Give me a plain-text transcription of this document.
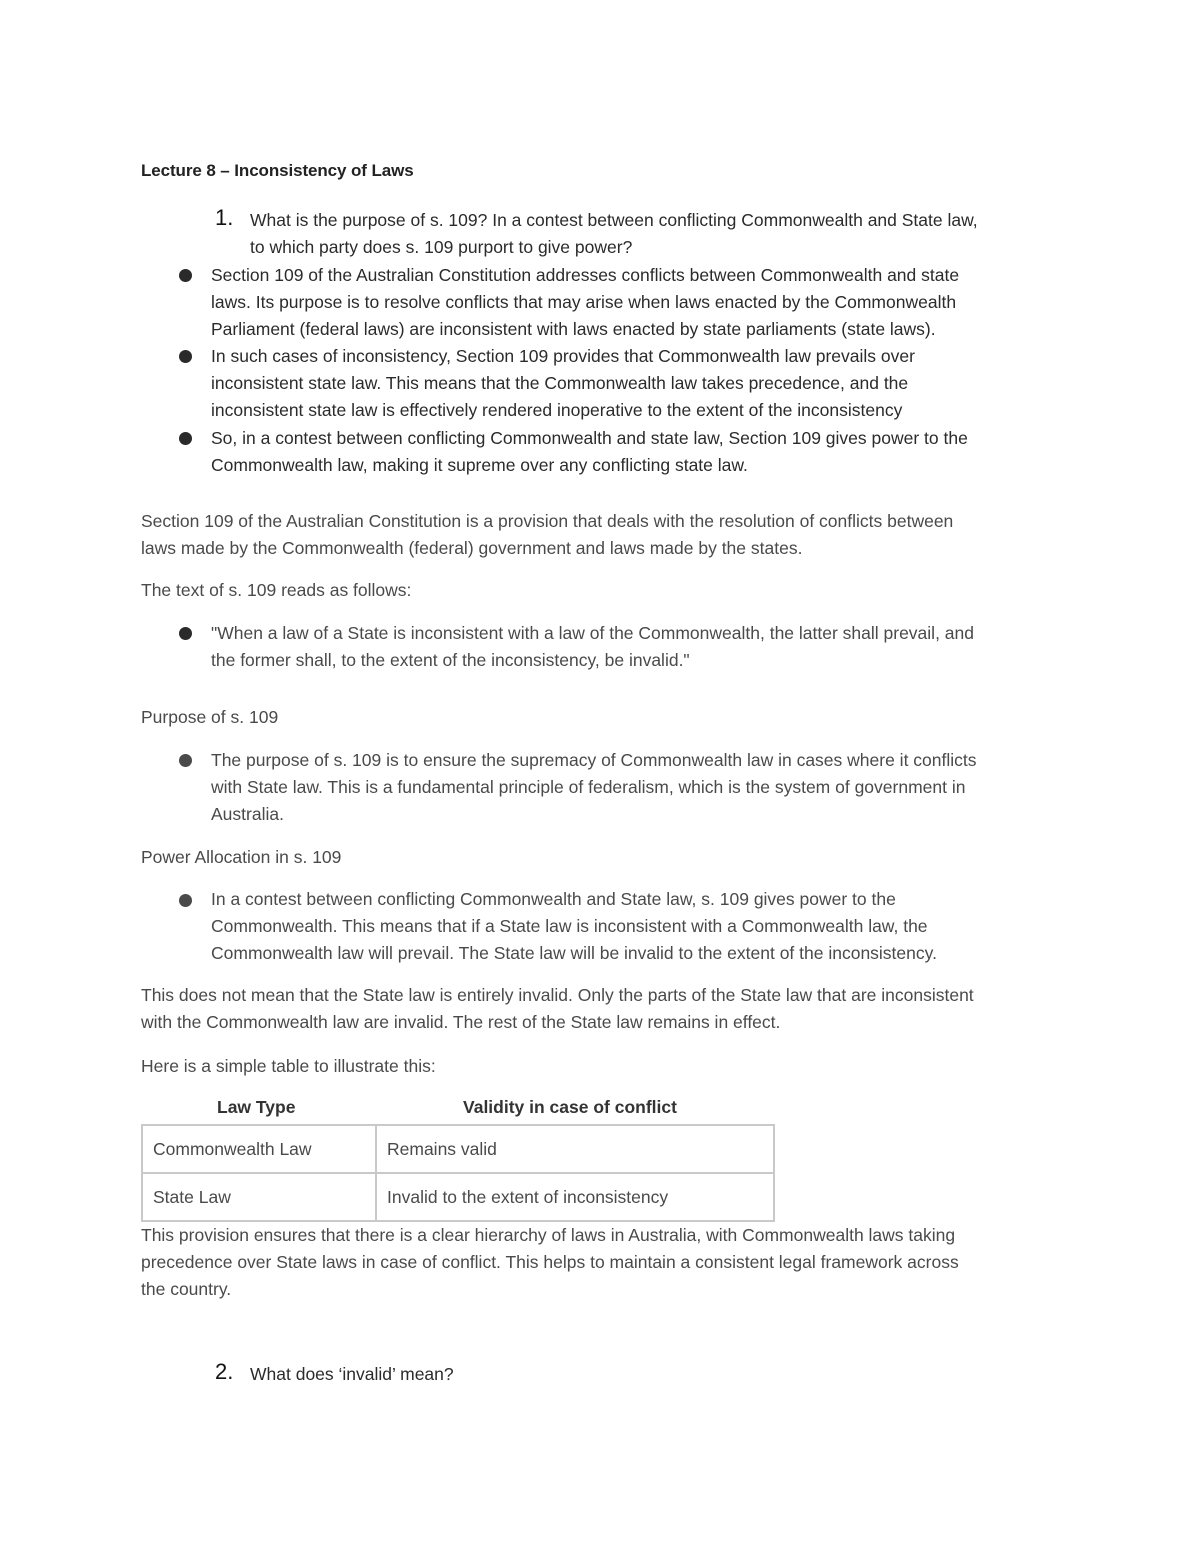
Lecture 8 – Inconsistency of Laws
1. What is the purpose of s. 109? In a contest between conflicting Commonwealth and State law,
to which party does s. 109 purport to give power?
Section 109 of the Australian Constitution addresses conflicts between Commonwealth and state
laws. Its purpose is to resolve conflicts that may arise when laws enacted by the Commonwealth
Parliament (federal laws) are inconsistent with laws enacted by state parliaments (state laws).
In such cases of inconsistency, Section 109 provides that Commonwealth law prevails over
inconsistent state law. This means that the Commonwealth law takes precedence, and the
inconsistent state law is effectively rendered inoperative to the extent of the inconsistency
So, in a contest between conflicting Commonwealth and state law, Section 109 gives power to the
Commonwealth law, making it supreme over any conflicting state law.
Section 109 of the Australian Constitution is a provision that deals with the resolution of conflicts between
laws made by the Commonwealth (federal) government and laws made by the states.
The text of s. 109 reads as follows:
"When a law of a State is inconsistent with a law of the Commonwealth, the latter shall prevail, and
the former shall, to the extent of the inconsistency, be invalid."
Purpose of s. 109
The purpose of s. 109 is to ensure the supremacy of Commonwealth law in cases where it conflicts
with State law. This is a fundamental principle of federalism, which is the system of government in
Australia.
Power Allocation in s. 109
In a contest between conflicting Commonwealth and State law, s. 109 gives power to the
Commonwealth. This means that if a State law is inconsistent with a Commonwealth law, the
Commonwealth law will prevail. The State law will be invalid to the extent of the inconsistency.
This does not mean that the State law is entirely invalid. Only the parts of the State law that are inconsistent
with the Commonwealth law are invalid. The rest of the State law remains in effect.
Here is a simple table to illustrate this:
Law Type	Validity in case of conflict
Commonwealth Law	Remains valid
State Law	Invalid to the extent of inconsistency
This provision ensures that there is a clear hierarchy of laws in Australia, with Commonwealth laws taking
precedence over State laws in case of conflict. This helps to maintain a consistent legal framework across
the country.
2. What does ‘invalid’ mean?
